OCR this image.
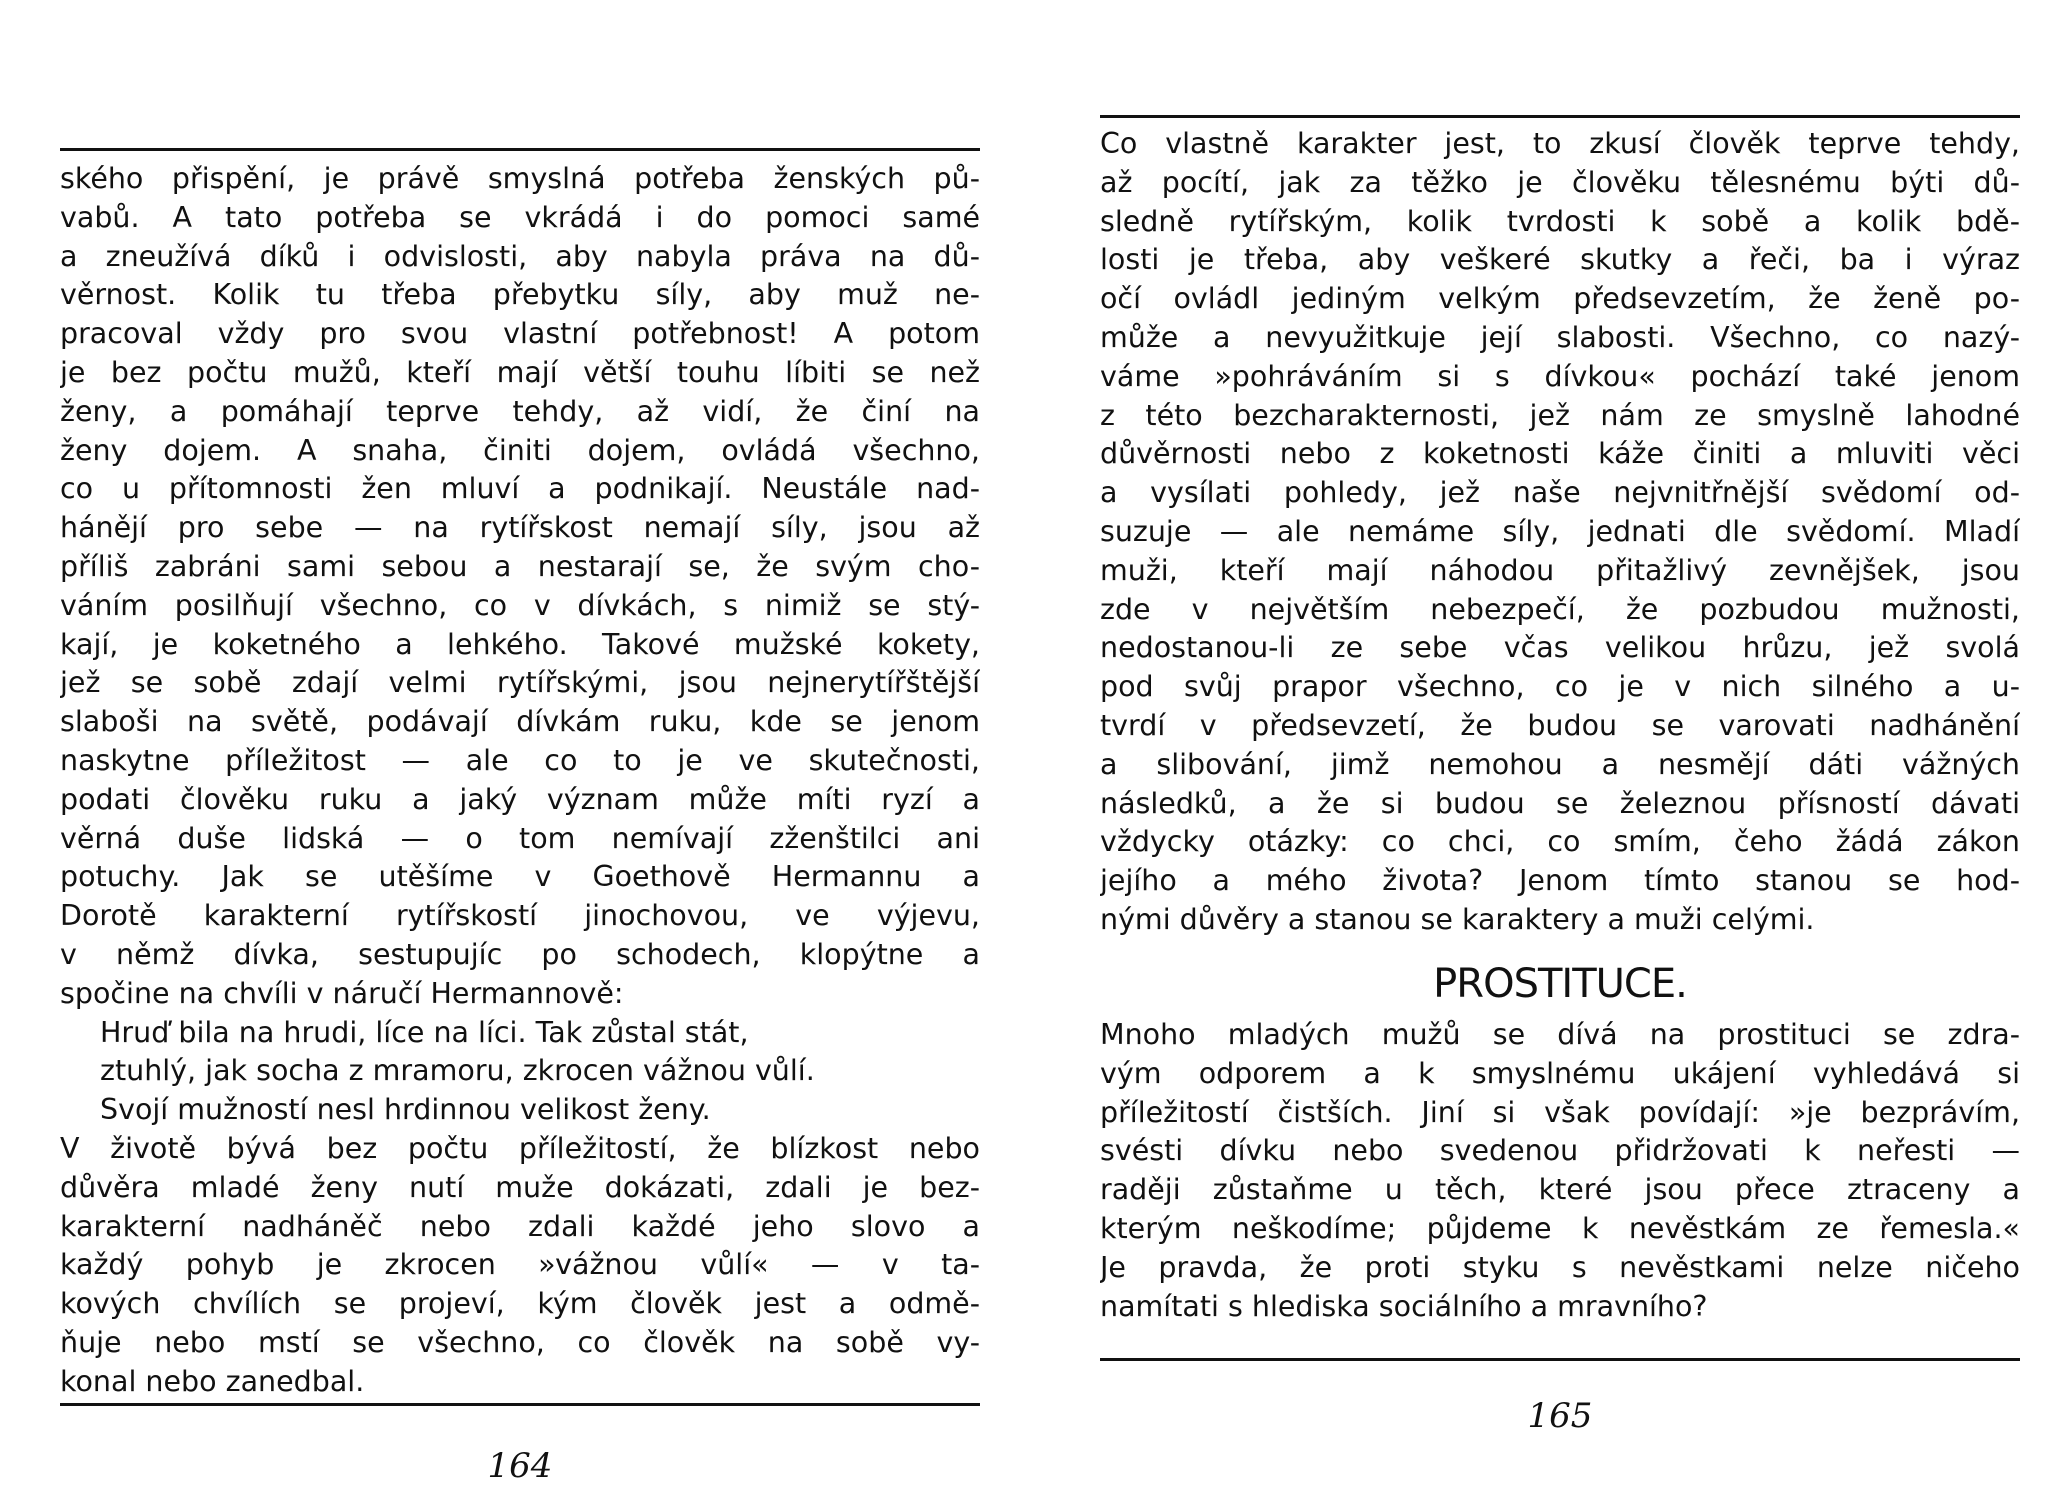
ského přispění, je právě smyslná potřeba ženských pů-
vabů. A tato potřeba se vkrádá i do pomoci samé
a zneužívá díků i odvislosti, aby nabyla práva na dů-
věrnost. Kolik tu třeba přebytku síly, aby muž ne-
pracoval vždy pro svou vlastní potřebnost! A potom
je bez počtu mužů, kteří mají větší touhu líbiti se než
ženy, a pomáhají teprve tehdy, až vidí, že činí na
ženy dojem. A snaha, činiti dojem, ovládá všechno,
co u přítomnosti žen mluví a podnikají. Neustále nad-
hánějí pro sebe — na rytířskost nemají síly, jsou až
příliš zabráni sami sebou a nestarají se, že svým cho-
váním posilňují všechno, co v dívkách, s nimiž se stý-
kají, je koketného a lehkého. Takové mužské kokety,
jež se sobě zdají velmi rytířskými, jsou nejnerytířštější
slaboši na světě, podávají dívkám ruku, kde se jenom
naskytne příležitost — ale co to je ve skutečnosti,
podati člověku ruku a jaký význam může míti ryzí a
věrná duše lidská — o tom nemívají zženštilci ani
potuchy. Jak se utěšíme v Goethově Hermannu a
Dorotě karakterní rytířskostí jinochovou, ve výjevu,
v němž dívka, sestupujíc po schodech, klopýtne a
spočine na chvíli v náručí Hermannově:
Hruď bila na hrudi, líce na líci. Tak zůstal stát,
ztuhlý, jak socha z mramoru, zkrocen vážnou vůlí.
Svojí mužností nesl hrdinnou velikost ženy.
V životě bývá bez počtu příležitostí, že blízkost nebo
důvěra mladé ženy nutí muže dokázati, zdali je bez-
karakterní nadháněč nebo zdali každé jeho slovo a
každý pohyb je zkrocen »vážnou vůlí« — v ta-
kových chvílích se projeví, kým člověk jest a odmě-
ňuje nebo mstí se všechno, co člověk na sobě vy-
konal nebo zanedbal.
164
Co vlastně karakter jest, to zkusí člověk teprve tehdy,
až pocítí, jak za těžko je člověku tělesnému býti dů-
sledně rytířským, kolik tvrdosti k sobě a kolik bdě-
losti je třeba, aby veškeré skutky a řeči, ba i výraz
očí ovládl jediným velkým předsevzetím, že ženě po-
může a nevyužitkuje její slabosti. Všechno, co nazý-
váme »pohráváním si s dívkou« pochází také jenom
z této bezcharakternosti, jež nám ze smyslně lahodné
důvěrnosti nebo z koketnosti káže činiti a mluviti věci
a vysílati pohledy, jež naše nejvnitřnější svědomí od-
suzuje — ale nemáme síly, jednati dle svědomí. Mladí
muži, kteří mají náhodou přitažlivý zevnějšek, jsou
zde v největším nebezpečí, že pozbudou mužnosti,
nedostanou-li ze sebe včas velikou hrůzu, jež svolá
pod svůj prapor všechno, co je v nich silného a u-
tvrdí v předsevzetí, že budou se varovati nadhánění
a slibování, jimž nemohou a nesmějí dáti vážných
následků, a že si budou se železnou přísností dávati
vždycky otázky: co chci, co smím, čeho žádá zákon
jejího a mého života? Jenom tímto stanou se hod-
nými důvěry a stanou se karaktery a muži celými.
PROSTITUCE.
Mnoho mladých mužů se dívá na prostituci se zdra-
vým odporem a k smyslnému ukájení vyhledává si
příležitostí čistších. Jiní si však povídají: »je bezprávím,
svésti dívku nebo svedenou přidržovati k neřesti —
raději zůstaňme u těch, které jsou přece ztraceny a
kterým neškodíme; půjdeme k nevěstkám ze řemesla.«
Je pravda, že proti styku s nevěstkami nelze ničeho
namítati s hlediska sociálního a mravního?
165
